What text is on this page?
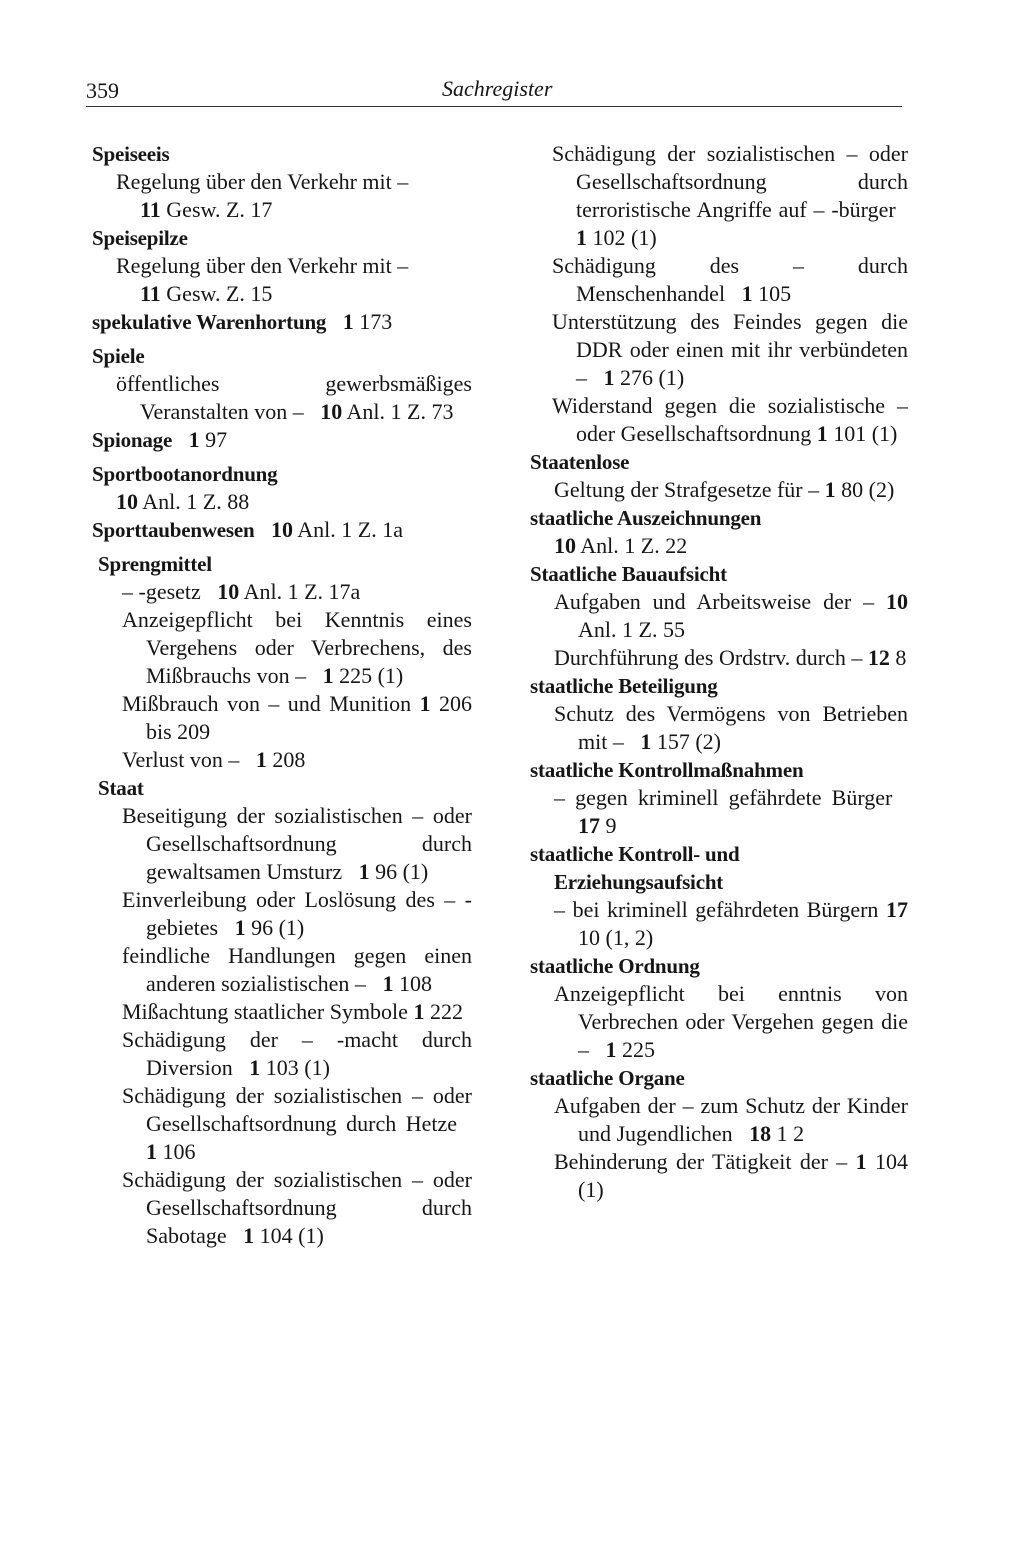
359	Sachregister
Speiseeis
Regelung über den Verkehr mit –
11 Gesw. Z. 17
Speisepilze
Regelung über den Verkehr mit –
11 Gesw. Z. 15
spekulative Warenhortung 1 173
Spiele
öffentliches gewerbsmäßiges Veranstalten von – 10 Anl. 1 Z. 73
Spionage 1 97
Sportbootanordnung
10 Anl. 1 Z. 88
Sporttaubenwesen 10 Anl. 1 Z. 1a
Sprengmittel
– -gesetz 10 Anl. 1 Z. 17a
Anzeigepflicht bei Kenntnis eines Vergehens oder Verbrechens, des Mißbrauchs von – 1 225 (1)
Mißbrauch von – und Munition 1 206 bis 209
Verlust von – 1 208
Staat
Beseitigung der sozialistischen – oder Gesellschaftsordnung durch gewaltsamen Umsturz 1 96 (1)
Einverleibung oder Loslösung des – -gebietes 1 96 (1)
feindliche Handlungen gegen einen anderen sozialistischen – 1 108
Mißachtung staatlicher Symbole 1 222
Schädigung der – -macht durch Diversion 1 103 (1)
Schädigung der sozialistischen – oder Gesellschaftsordnung durch Hetze   1 106
Schädigung der sozialistischen – oder Gesellschaftsordnung durch Sabotage 1 104 (1)
Schädigung der sozialistischen – oder Gesellschaftsordnung durch terroristische Angriffe auf – -bürger   1 102 (1)
Schädigung des – durch Menschenhandel 1 105
Unterstützung des Feindes gegen die DDR oder einen mit ihr verbündeten – 1 276 (1)
Widerstand gegen die sozialistische – oder Gesellschaftsordnung 1 101 (1)
Staatenlose
Geltung der Strafgesetze für – 1 80 (2)
staatliche Auszeichnungen
10 Anl. 1 Z. 22
Staatliche Bauaufsicht
Aufgaben und Arbeitsweise der – 10 Anl. 1 Z. 55
Durchführung des Ordstrv. durch – 12 8
staatliche Beteiligung
Schutz des Vermögens von Betrieben mit – 1 157 (2)
staatliche Kontrollmaßnahmen
– gegen kriminell gefährdete Bürger   17 9
staatliche Kontroll- und Erziehungsaufsicht
– bei kriminell gefährdeten Bürgern 17 10 (1, 2)
staatliche Ordnung
Anzeigepflicht bei enntnis von Verbrechen oder Vergehen gegen die – 1 225
staatliche Organe
Aufgaben der – zum Schutz der Kinder und Jugendlichen 18 1 2
Behinderung der Tätigkeit der – 1 104 (1)
